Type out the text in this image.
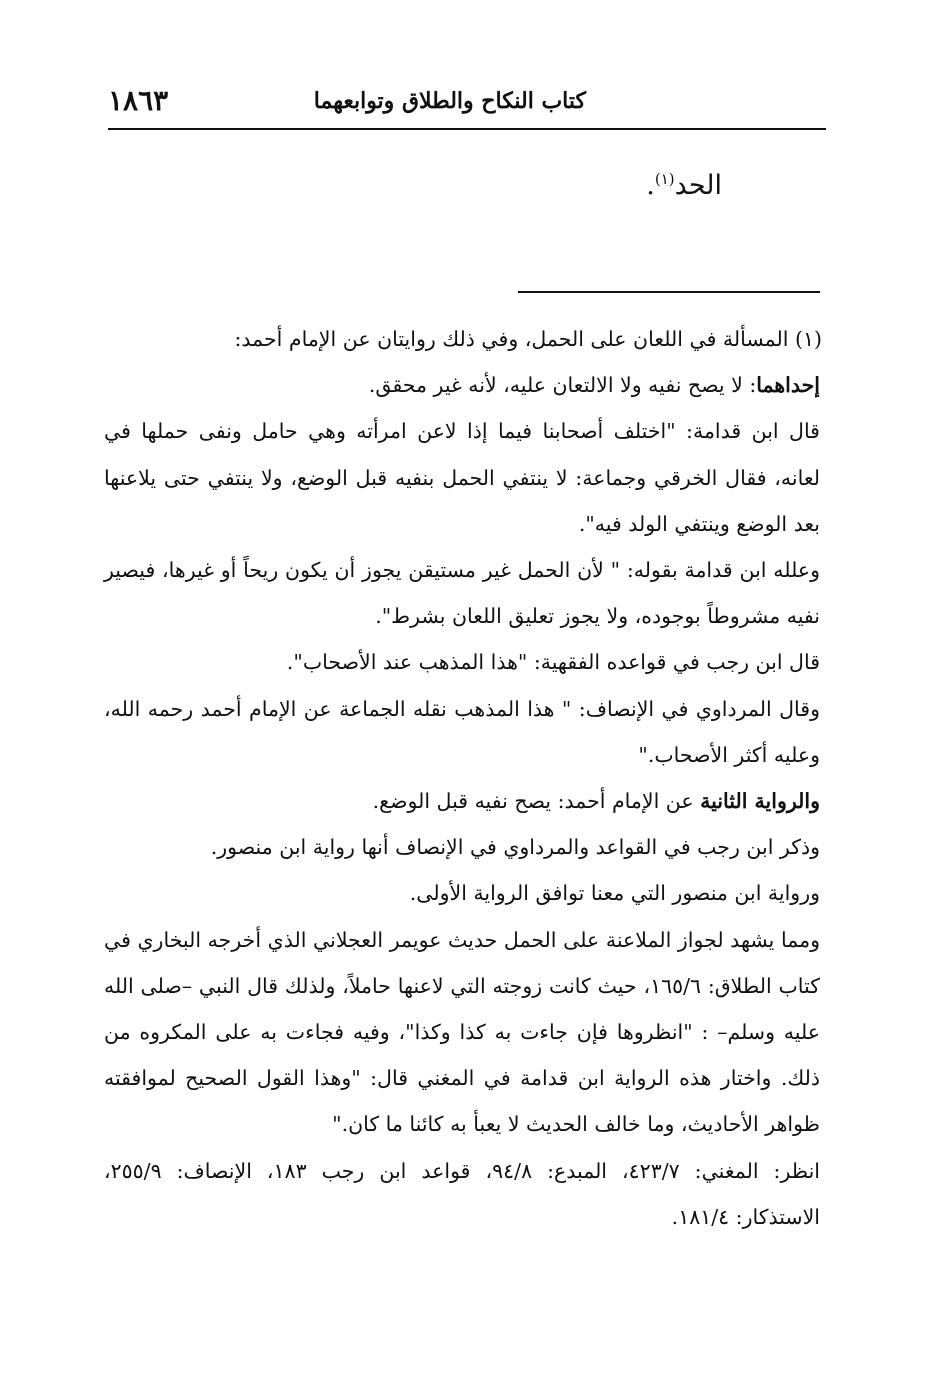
كتاب النكاح والطلاق وتوابعهما
١٨٦٣
الحد$^{(١)}$.

(١) المسألة في اللعان على الحمل، وفي ذلك روايتان عن الإمام أحمد:

إحداهما: لا يصح نفيه ولا الالتعان عليه، لأنه غير محقق.

قال ابن قدامة: "اختلف أصحابنا فيما إذا لاعن امرأته وهي حامل ونفى حملها في لعانه، فقال الخرقي وجماعة: لا ينتفي الحمل بنفيه قبل الوضع، ولا ينتفي حتى يلاعنها بعد الوضع وينتفي الولد فيه".

وعلله ابن قدامة بقوله: " لأن الحمل غير مستيقن يجوز أن يكون ريحاً أو غيرها، فيصير نفيه مشروطاً بوجوده، ولا يجوز تعليق اللعان بشرط".

قال ابن رجب في قواعده الفقهية: "هذا المذهب عند الأصحاب".

وقال المرداوي في الإنصاف: " هذا المذهب نقله الجماعة عن الإمام أحمد رحمه الله، وعليه أكثر الأصحاب."

والرواية الثانية عن الإمام أحمد: يصح نفيه قبل الوضع.

وذكر ابن رجب في القواعد والمرداوي في الإنصاف أنها رواية ابن منصور.

ورواية ابن منصور التي معنا توافق الرواية الأولى.

ومما يشهد لجواز الملاعنة على الحمل حديث عويمر العجلاني الذي أخرجه البخاري في كتاب الطلاق: ١٦٥/٦، حيث كانت زوجته التي لاعنها حاملاً، ولذلك قال النبي –صلى الله عليه وسلم– : "انظروها فإن جاءت به كذا وكذا"، وفيه فجاءت به على المكروه من ذلك. واختار هذه الرواية ابن قدامة في المغني قال: "وهذا القول الصحيح لموافقته ظواهر الأحاديث، وما خالف الحديث لا يعبأ به كائنا ما كان."

انظر: المغني: ٤٢٣/٧، المبدع: ٩٤/٨، قواعد ابن رجب ١٨٣، الإنصاف: ٢٥٥/٩، الاستذكار: ١٨١/٤.
